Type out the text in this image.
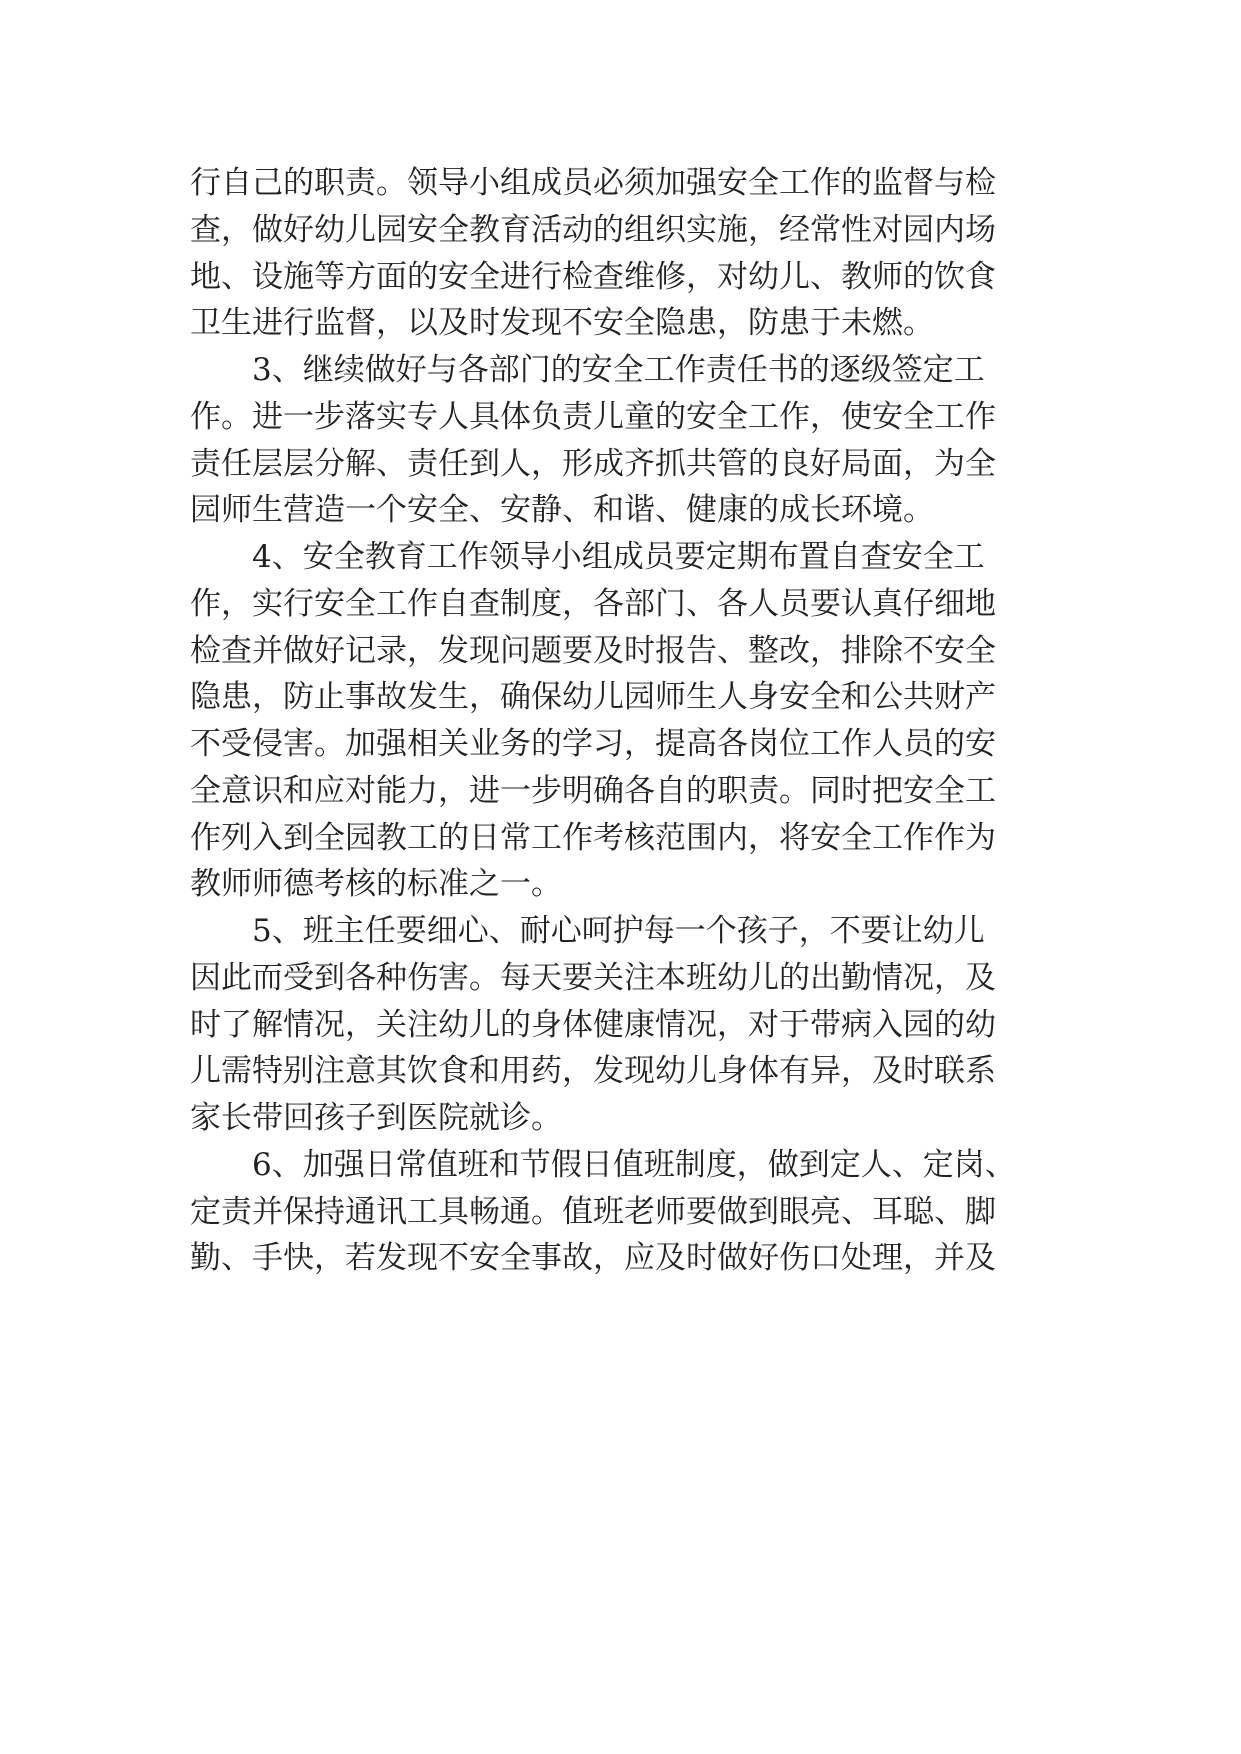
行自己的职责。领导小组成员必须加强安全工作的监督与检
查，做好幼儿园安全教育活动的组织实施，经常性对园内场
地、设施等方面的安全进行检查维修，对幼儿、教师的饮食
卫生进行监督，以及时发现不安全隐患，防患于未燃。
3、继续做好与各部门的安全工作责任书的逐级签定工
作。进一步落实专人具体负责儿童的安全工作，使安全工作
责任层层分解、责任到人，形成齐抓共管的良好局面，为全
园师生营造一个安全、安静、和谐、健康的成长环境。
4、安全教育工作领导小组成员要定期布置自查安全工
作，实行安全工作自查制度，各部门、各人员要认真仔细地
检查并做好记录，发现问题要及时报告、整改，排除不安全
隐患，防止事故发生，确保幼儿园师生人身安全和公共财产
不受侵害。加强相关业务的学习，提高各岗位工作人员的安
全意识和应对能力，进一步明确各自的职责。同时把安全工
作列入到全园教工的日常工作考核范围内，将安全工作作为
教师师德考核的标准之一。
5、班主任要细心、耐心呵护每一个孩子，不要让幼儿
因此而受到各种伤害。每天要关注本班幼儿的出勤情况，及
时了解情况，关注幼儿的身体健康情况，对于带病入园的幼
儿需特别注意其饮食和用药，发现幼儿身体有异，及时联系
家长带回孩子到医院就诊。
6、加强日常值班和节假日值班制度，做到定人、定岗、
定责并保持通讯工具畅通。值班老师要做到眼亮、耳聪、脚
勤、手快，若发现不安全事故，应及时做好伤口处理，并及
